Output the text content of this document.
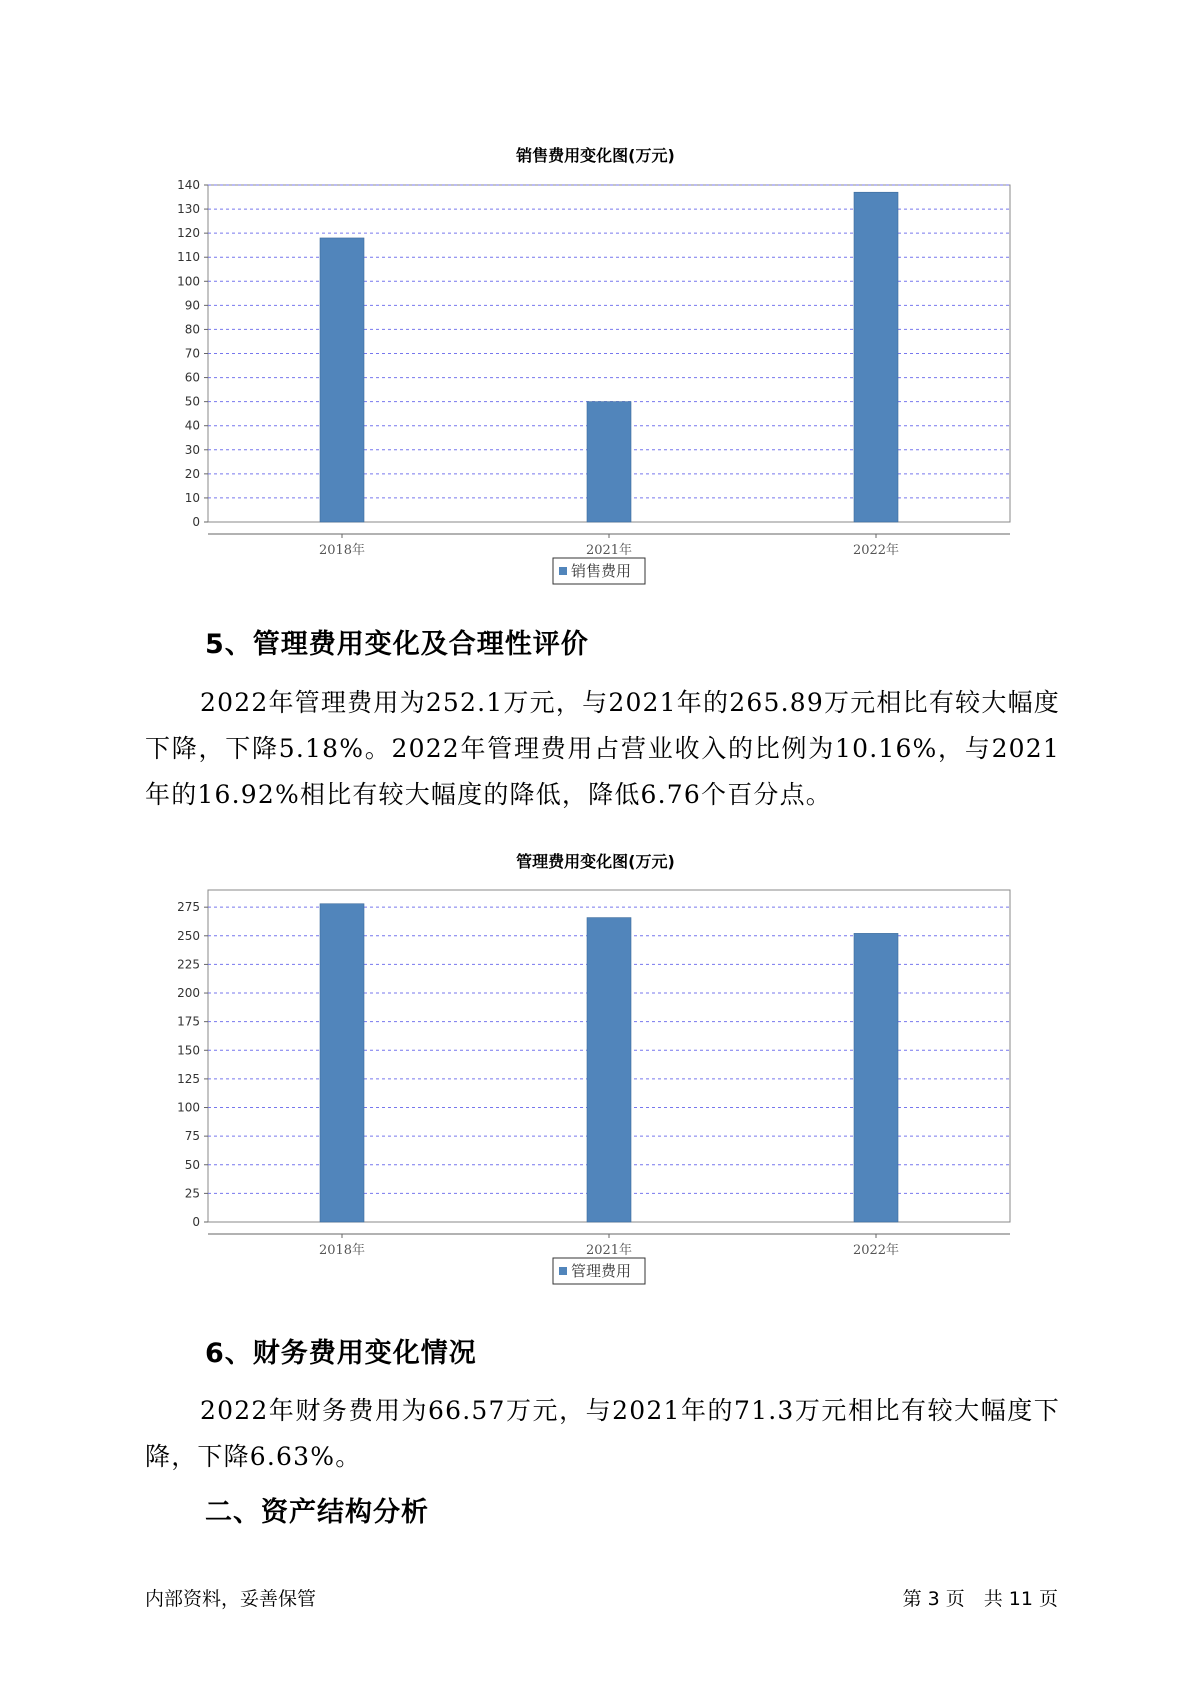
销售费用变化图(万元)
0
10
20
30
40
50
60
70
80
90
100
110
120
130
140
2018年	2021年	2022年
销售费用
5、管理费用变化及合理性评价
2022年管理费用为252.1万元，与2021年的265.89万元相比有较大幅度下降，下降5.18%。2022年管理费用占营业收入的比例为10.16%，与2021年的16.92%相比有较大幅度的降低，降低6.76个百分点。
管理费用变化图(万元)
0
25
50
75
100
125
150
175
200
225
250
275
2018年	2021年	2022年
管理费用
6、财务费用变化情况
2022年财务费用为66.57万元，与2021年的71.3万元相比有较大幅度下降，下降6.63%。
二、资产结构分析
内部资料，妥善保管	第 3 页　共 11 页
